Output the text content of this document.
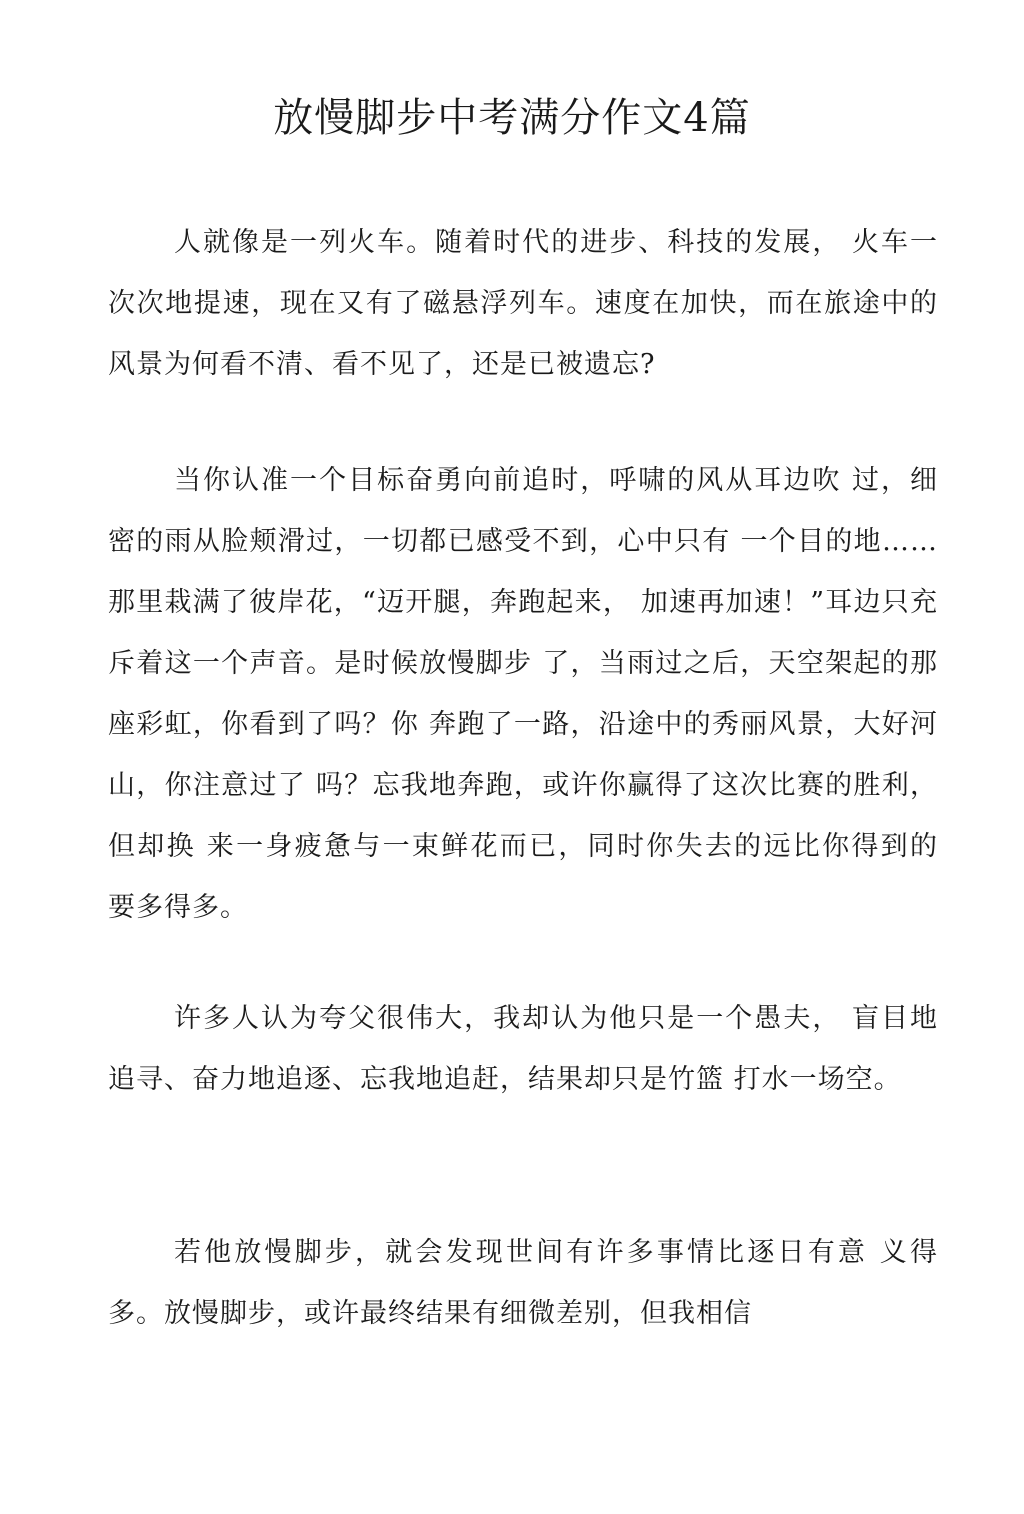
放慢脚步中考满分作文4篇

人就像是一列火车。随着时代的进步、科技的发展， 火车一次次地提速，现在又有了磁悬浮列车。速度在加快，而在旅途中的风景为何看不清、看不见了，还是已被遗忘?

当你认准一个目标奋勇向前追时，呼啸的风从耳边吹 过，细密的雨从脸颊滑过，一切都已感受不到，心中只有 一个目的地……那里栽满了彼岸花，“迈开腿，奔跑起来， 加速再加速！”耳边只充斥着这一个声音。是时候放慢脚步 了，当雨过之后，天空架起的那座彩虹，你看到了吗？你 奔跑了一路，沿途中的秀丽风景，大好河山，你注意过了 吗？忘我地奔跑，或许你赢得了这次比赛的胜利，但却换 来一身疲惫与一束鲜花而已，同时你失去的远比你得到的 要多得多。

许多人认为夸父很伟大，我却认为他只是一个愚夫， 盲目地追寻、奋力地追逐、忘我地追赶，结果却只是竹篮 打水一场空。

若他放慢脚步，就会发现世间有许多事情比逐日有意 义得多。放慢脚步，或许最终结果有细微差别，但我相信
